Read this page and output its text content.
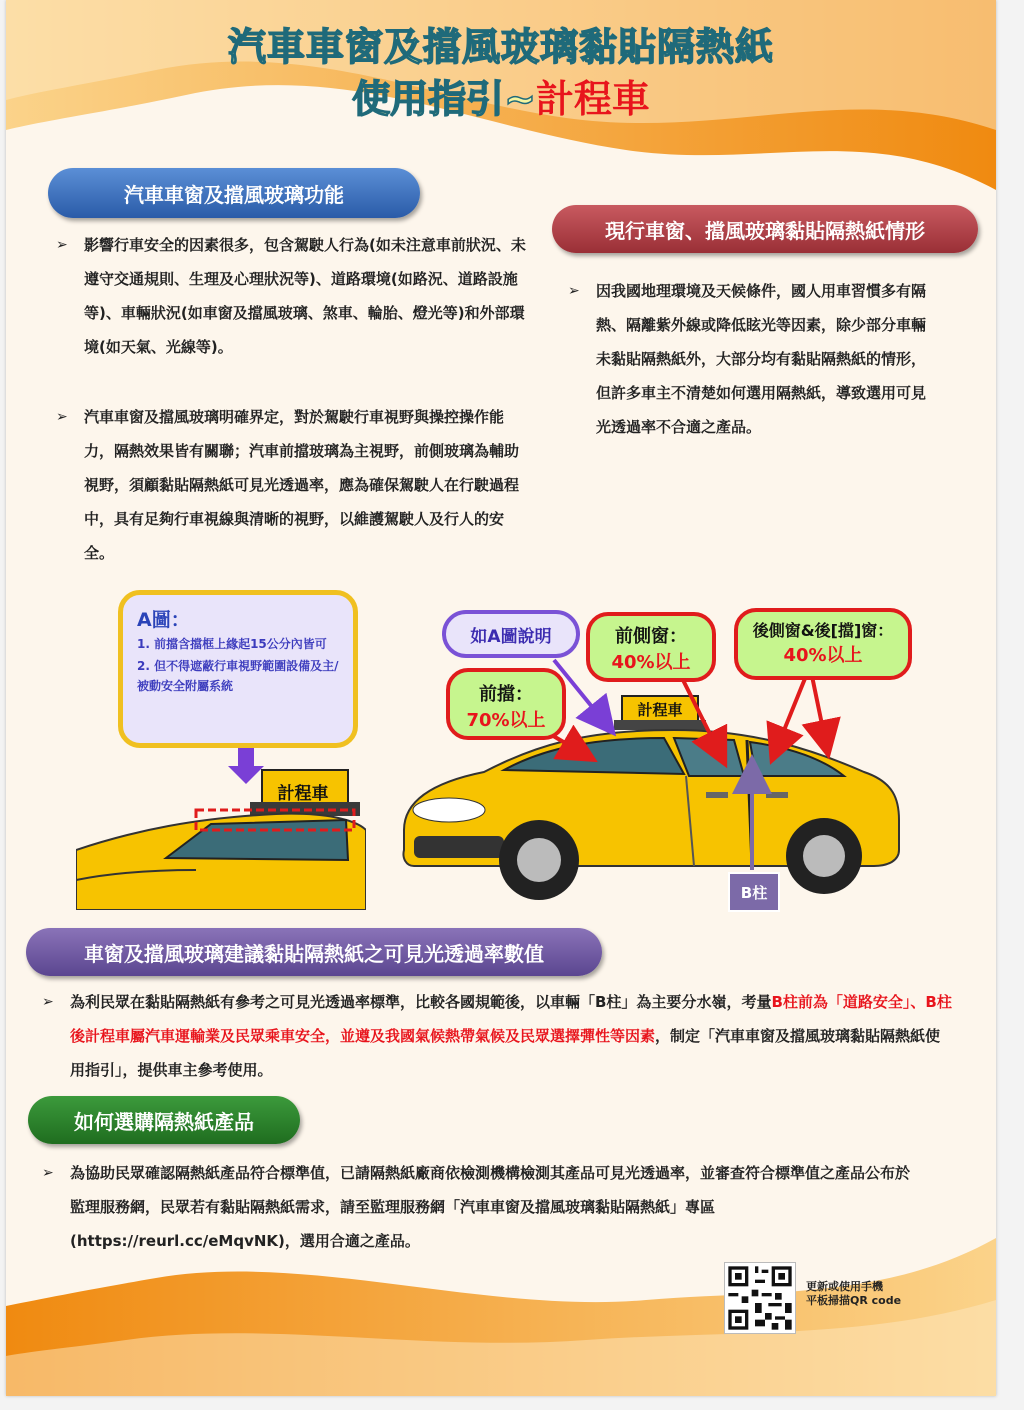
汽車車窗及擋風玻璃黏貼隔熱紙
使用指引~計程車
汽車車窗及擋風玻璃功能
➢	影響行車安全的因素很多，包含駕駛人行為(如未注意車前狀況、未遵守交通規則、生理及心理狀況等)、道路環境(如路況、道路設施等)、車輛狀況(如車窗及擋風玻璃、煞車、輪胎、燈光等)和外部環境(如天氣、光線等)。
➢	汽車車窗及擋風玻璃明確界定，對於駕駛行車視野與操控操作能力，隔熱效果皆有關聯；汽車前擋玻璃為主視野，前側玻璃為輔助視野，須顧黏貼隔熱紙可見光透過率，應為確保駕駛人在行駛過程中，具有足夠行車視線與清晰的視野，以維護駕駛人及行人的安全。
現行車窗、擋風玻璃黏貼隔熱紙情形
➢	因我國地理環境及天候條件，國人用車習慣多有隔熱、隔離紫外線或降低眩光等因素，除少部分車輛未黏貼隔熱紙外，大部分均有黏貼隔熱紙的情形，但許多車主不清楚如何選用隔熱紙，導致選用可見光透過率不合適之產品。
計程車
A圖：
1. 前擋含擋框上緣起15公分內皆可
2. 但不得遮蔽行車視野範圍設備及主/被動安全附屬系統
計程車
如A圖說明
前擋：
70%以上
前側窗：
40%以上
後側窗&後[擋]窗：
40%以上
B柱
車窗及擋風玻璃建議黏貼隔熱紙之可見光透過率數值
➢	為利民眾在黏貼隔熱紙有參考之可見光透過率標準，比較各國規範後，以車輛「B柱」為主要分水嶺，考量B柱前為「道路安全」、B柱後計程車屬汽車運輸業及民眾乘車安全，並遵及我國氣候熱帶氣候及民眾選擇彈性等因素，制定「汽車車窗及擋風玻璃黏貼隔熱紙使用指引」，提供車主參考使用。
如何選購隔熱紙產品
➢	為協助民眾確認隔熱紙產品符合標準值，已請隔熱紙廠商依檢測機構檢測其產品可見光透過率，並審查符合標準值之產品公布於監理服務網，民眾若有黏貼隔熱紙需求，請至監理服務網「汽車車窗及擋風玻璃黏貼隔熱紙」專區(https://reurl.cc/eMqvNK)，選用合適之產品。
更新或使用手機
平板掃描QR code
